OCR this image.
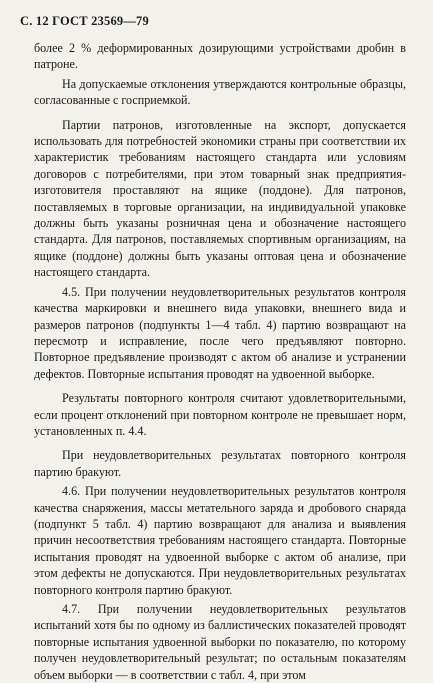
С. 12 ГОСТ 23569—79

более 2 % деформированных дозирующими устройствами дробин в патроне.

На допускаемые отклонения утверждаются контрольные образцы, согласованные с госприемкой.

Партии патронов, изготовленные на экспорт, допускается использовать для потребностей экономики страны при соответствии их характеристик требованиям настоящего стандарта или условиям договоров с потребителями, при этом товарный знак предприятия-изготовителя проставляют на ящике (поддоне). Для патронов, поставляемых в торговые организации, на индивидуальной упаковке должны быть указаны розничная цена и обозначение настоящего стандарта. Для патронов, поставляемых спортивным организациям, на ящике (поддоне) должны быть указаны оптовая цена и обозначение настоящего стандарта.

4.5. При получении неудовлетворительных результатов контроля качества маркировки и внешнего вида упаковки, внешнего вида и размеров патронов (подпункты 1—4 табл. 4) партию возвращают на пересмотр и исправление, после чего предъявляют повторно. Повторное предъявление производят с актом об анализе и устранении дефектов. Повторные испытания проводят на удвоенной выборке.

Результаты повторного контроля считают удовлетворительными, если процент отклонений при повторном контроле не превышает норм, установленных п. 4.4.

При неудовлетворительных результатах повторного контроля партию бракуют.

4.6. При получении неудовлетворительных результатов контроля качества снаряжения, массы метательного заряда и дробового снаряда (подпункт 5 табл. 4) партию возвращают для анализа и выявления причин несоответствия требованиям настоящего стандарта. Повторные испытания проводят на удвоенной выборке с актом об анализе, при этом дефекты не допускаются. При неудовлетворительных результатах повторного контроля партию бракуют.

4.7. При получении неудовлетворительных результатов испытаний хотя бы по одному из баллистических показателей проводят повторные испытания удвоенной выборки по показателю, по которому получен неудовлетворительный результат; по остальным показателям объем выборки — в соответствии с табл. 4, при этом
